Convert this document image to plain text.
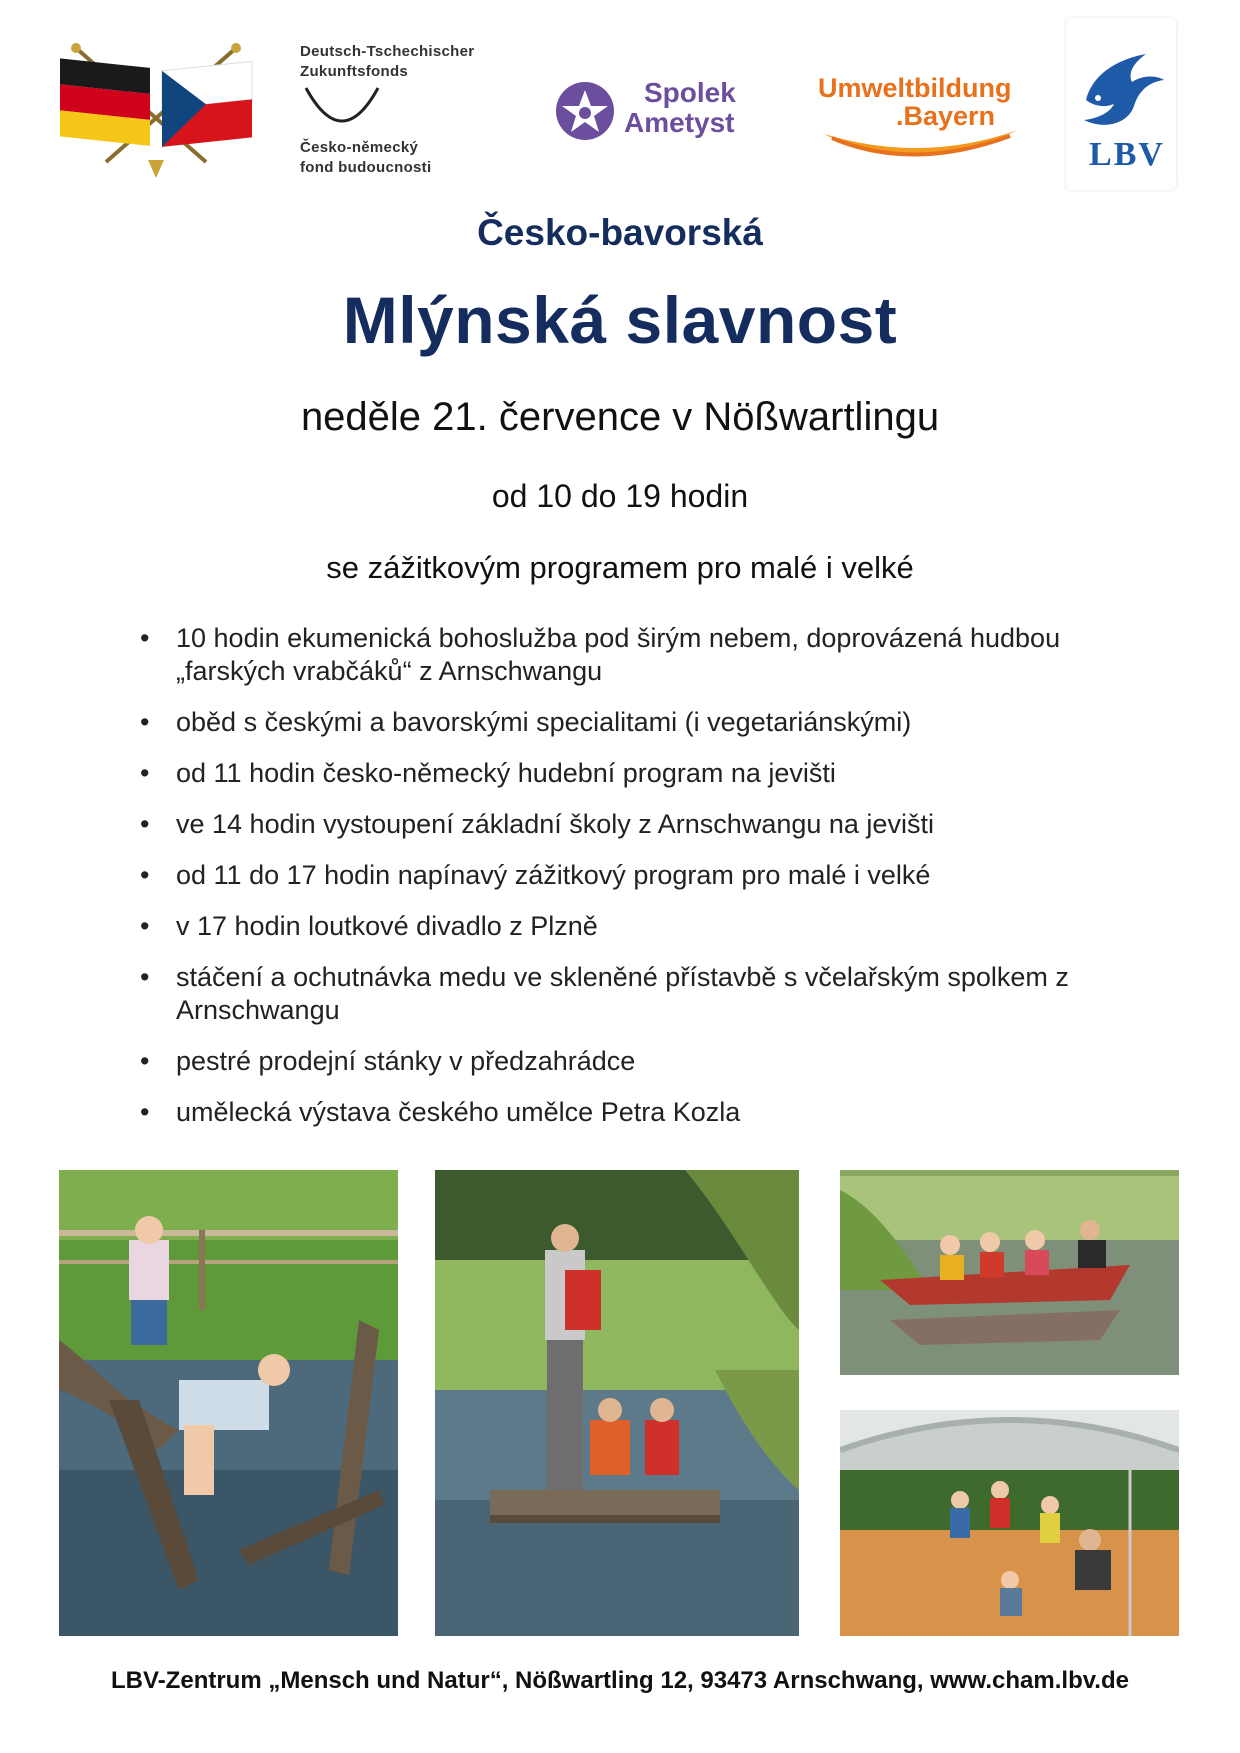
Deutsch-Tschechischer
Zukunftsfonds
Česko-německý
fond budoucnosti
Spolek
Ametyst
Umweltbildung
.Bayern
LBV
Česko-bavorská
Mlýnská slavnost
neděle 21. července v Nößwartlingu
od 10 do 19 hodin
se zážitkovým programem pro malé i velké
• 10 hodin ekumenická bohoslužba pod širým nebem, doprovázená hudbou „farských vrabčáků“ z Arnschwangu
• oběd s českými a bavorskými specialitami (i vegetariánskými)
• od 11 hodin česko-německý hudební program na jevišti
• ve 14 hodin vystoupení základní školy z Arnschwangu na jevišti
• od 11 do 17 hodin napínavý zážitkový program pro malé i velké
• v 17 hodin loutkové divadlo z Plzně
• stáčení a ochutnávka medu ve skleněné přístavbě s včelařským spolkem z Arnschwangu
• pestré prodejní stánky v předzahrádce
• umělecká výstava českého umělce Petra Kozla
LBV-Zentrum „Mensch und Natur“, Nößwartling 12, 93473 Arnschwang, www.cham.lbv.de
